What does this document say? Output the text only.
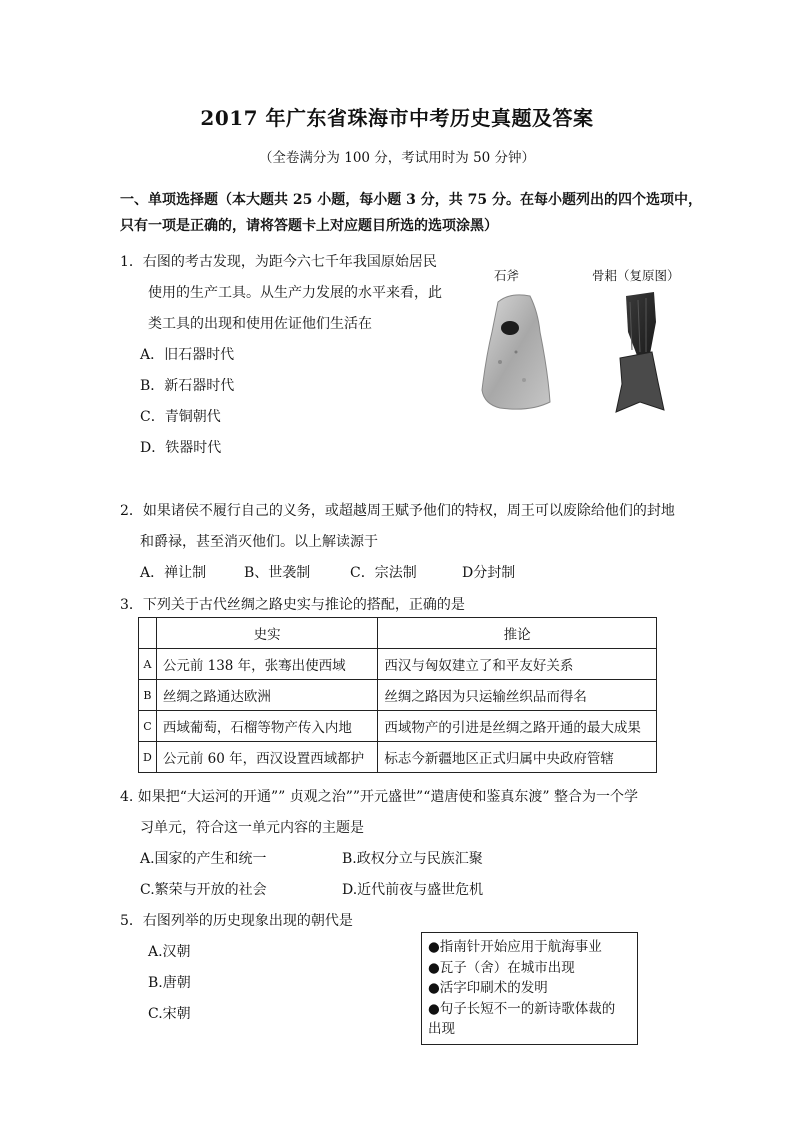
2017 年广东省珠海市中考历史真题及答案
（全卷满分为 100 分，考试用时为 50 分钟）
一、单项选择题（本大题共 25 小题，每小题 3 分，共 75 分。在每小题列出的四个选项中，
只有一项是正确的，请将答题卡上对应题目所选的选项涂黑）
1．右图的考古发现，为距今六七千年我国原始居民
使用的生产工具。从生产力发展的水平来看，此
类工具的出现和使用佐证他们生活在
A．旧石器时代
B．新石器时代
C．青铜朝代
D．铁器时代
石斧	骨耜（复原图）
2．如果诸侯不履行自己的义务，或超越周王赋予他们的特权，周王可以废除给他们的封地
和爵禄，甚至消灭他们。以上解读源于
A．禅让制	B、世袭制	C．宗法制	D分封制
3．下列关于古代丝绸之路史实与推论的搭配，正确的是
	史实	推论
A	公元前 138 年，张骞出使西域	西汉与匈奴建立了和平友好关系
B	丝绸之路通达欧洲	丝绸之路因为只运输丝织品而得名
C	西域葡萄，石榴等物产传入内地	西域物产的引进是丝绸之路开通的最大成果
D	公元前 60 年，西汉设置西域都护	标志今新疆地区正式归属中央政府管辖
4. 如果把“大运河的开通”” 贞观之治””开元盛世”“遣唐使和鉴真东渡” 整合为一个学
习单元，符合这一单元内容的主题是
A.国家的产生和统一	B.政权分立与民族汇聚
C.繁荣与开放的社会	D.近代前夜与盛世危机
5．右图列举的历史现象出现的朝代是
A.汉朝
B.唐朝
C.宋朝
●指南针开始应用于航海事业
●瓦子（舍）在城市出现
●活字印刷术的发明
●句子长短不一的新诗歌体裁的
出现
